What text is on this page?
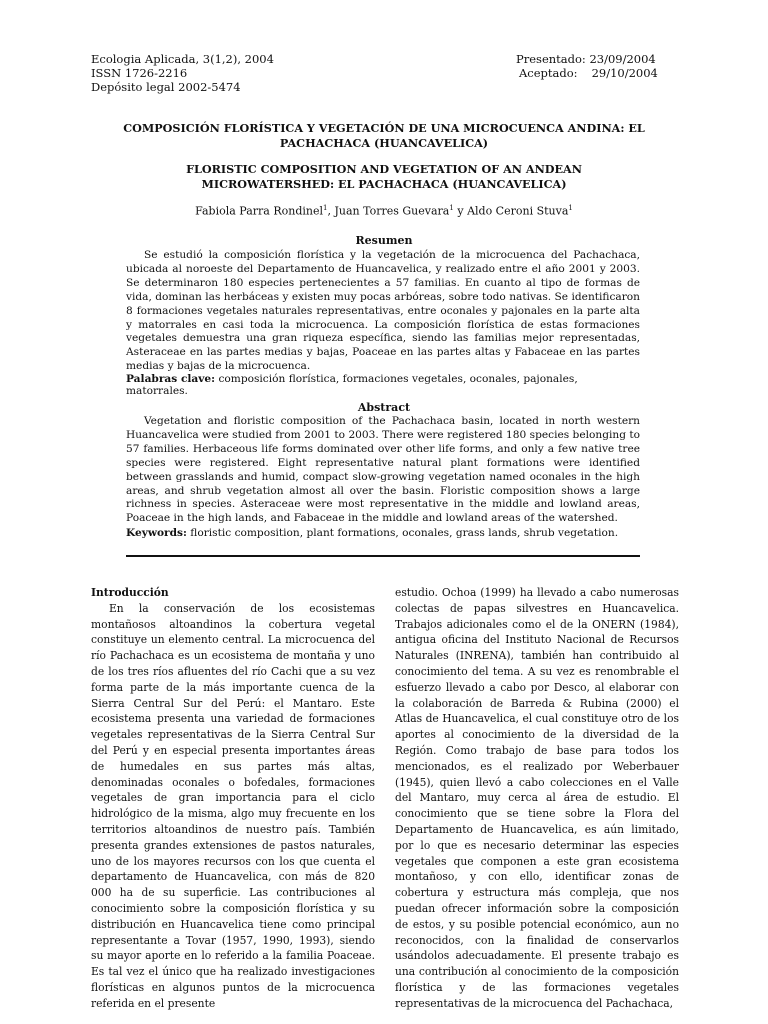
Ecologia Aplicada, 3(1,2), 2004
ISSN 1726-2216
Depósito legal 2002-5474
Presentado: 23/09/2004
Aceptado: 29/10/2004
COMPOSICIÓN FLORÍSTICA Y VEGETACIÓN DE UNA MICROCUENCA ANDINA: EL PACHACHACA (HUANCAVELICA)
FLORISTIC COMPOSITION AND VEGETATION OF AN ANDEAN MICROWATERSHED: EL PACHACHACA (HUANCAVELICA)
Fabiola Parra Rondinel$^1$, Juan Torres Guevara$^1$ y Aldo Ceroni Stuva$^1$
Resumen
Se estudió la composición florística y la vegetación de la microcuenca del Pachachaca, ubicada al noroeste del Departamento de Huancavelica, y realizado entre el año 2001 y 2003. Se determinaron 180 especies pertenecientes a 57 familias. En cuanto al tipo de formas de vida, dominan las herbáceas y existen muy pocas arbóreas, sobre todo nativas. Se identificaron 8 formaciones vegetales naturales representativas, entre oconales y pajonales en la parte alta y matorrales en casi toda la microcuenca. La composición florística de estas formaciones vegetales demuestra una gran riqueza específica, siendo las familias mejor representadas, Asteraceae en las partes medias y bajas, Poaceae en las partes altas y Fabaceae en las partes medias y bajas de la microcuenca.
Palabras clave: composición florística, formaciones vegetales, oconales, pajonales, matorrales.
Abstract
Vegetation and floristic composition of the Pachachaca basin, located in north western Huancavelica were studied from 2001 to 2003. There were registered 180 species belonging to 57 families. Herbaceous life forms dominated over other life forms, and only a few native tree species were registered. Eight representative natural plant formations were identified between grasslands and humid, compact slow-growing vegetation named oconales in the high areas, and shrub vegetation almost all over the basin. Floristic composition shows a large richness in species. Asteraceae were most representative in the middle and lowland areas, Poaceae in the high lands, and Fabaceae in the middle and lowland areas of the watershed.
Keywords: floristic composition, plant formations, oconales, grass lands, shrub vegetation.
Introducción
En la conservación de los ecosistemas montañosos altoandinos la cobertura vegetal constituye un elemento central. La microcuenca del río Pachachaca es un ecosistema de montaña y uno de los tres ríos afluentes del río Cachi que a su vez forma parte de la más importante cuenca de la Sierra Central Sur del Perú: el Mantaro. Este ecosistema presenta una variedad de formaciones vegetales representativas de la Sierra Central Sur del Perú y en especial presenta importantes áreas de humedales en sus partes más altas, denominadas oconales o bofedales, formaciones vegetales de gran importancia para el ciclo hidrológico de la misma, algo muy frecuente en los territorios altoandinos de nuestro país. También presenta grandes extensiones de pastos naturales, uno de los mayores recursos con los que cuenta el departamento de Huancavelica, con más de 820 000 ha de su superficie. Las contribuciones al conocimiento sobre la composición florística y su distribución en Huancavelica tiene como principal representante a Tovar (1957, 1990, 1993), siendo su mayor aporte en lo referido a la familia Poaceae. Es tal vez el único que ha realizado investigaciones florísticas en algunos puntos de la microcuenca referida en el presente
estudio. Ochoa (1999) ha llevado a cabo numerosas colectas de papas silvestres en Huancavelica. Trabajos adicionales como el de la ONERN (1984), antigua oficina del Instituto Nacional de Recursos Naturales (INRENA), también han contribuido al conocimiento del tema. A su vez es renombrable el esfuerzo llevado a cabo por Desco, al elaborar con la colaboración de Barreda & Rubina (2000) el Atlas de Huancavelica, el cual constituye otro de los aportes al conocimiento de la diversidad de la Región. Como trabajo de base para todos los mencionados, es el realizado por Weberbauer (1945), quien llevó a cabo colecciones en el Valle del Mantaro, muy cerca al área de estudio. El conocimiento que se tiene sobre la Flora del Departamento de Huancavelica, es aún limitado, por lo que es necesario determinar las especies vegetales que componen a este gran ecosistema montañoso, y con ello, identificar zonas de cobertura y estructura más compleja, que nos puedan ofrecer información sobre la composición de estos, y su posible potencial económico, aun no reconocidos, con la finalidad de conservarlos usándolos adecuadamente. El presente trabajo es una contribución al conocimiento de la composición florística y de las formaciones vegetales representativas de la microcuenca del Pachachaca,
